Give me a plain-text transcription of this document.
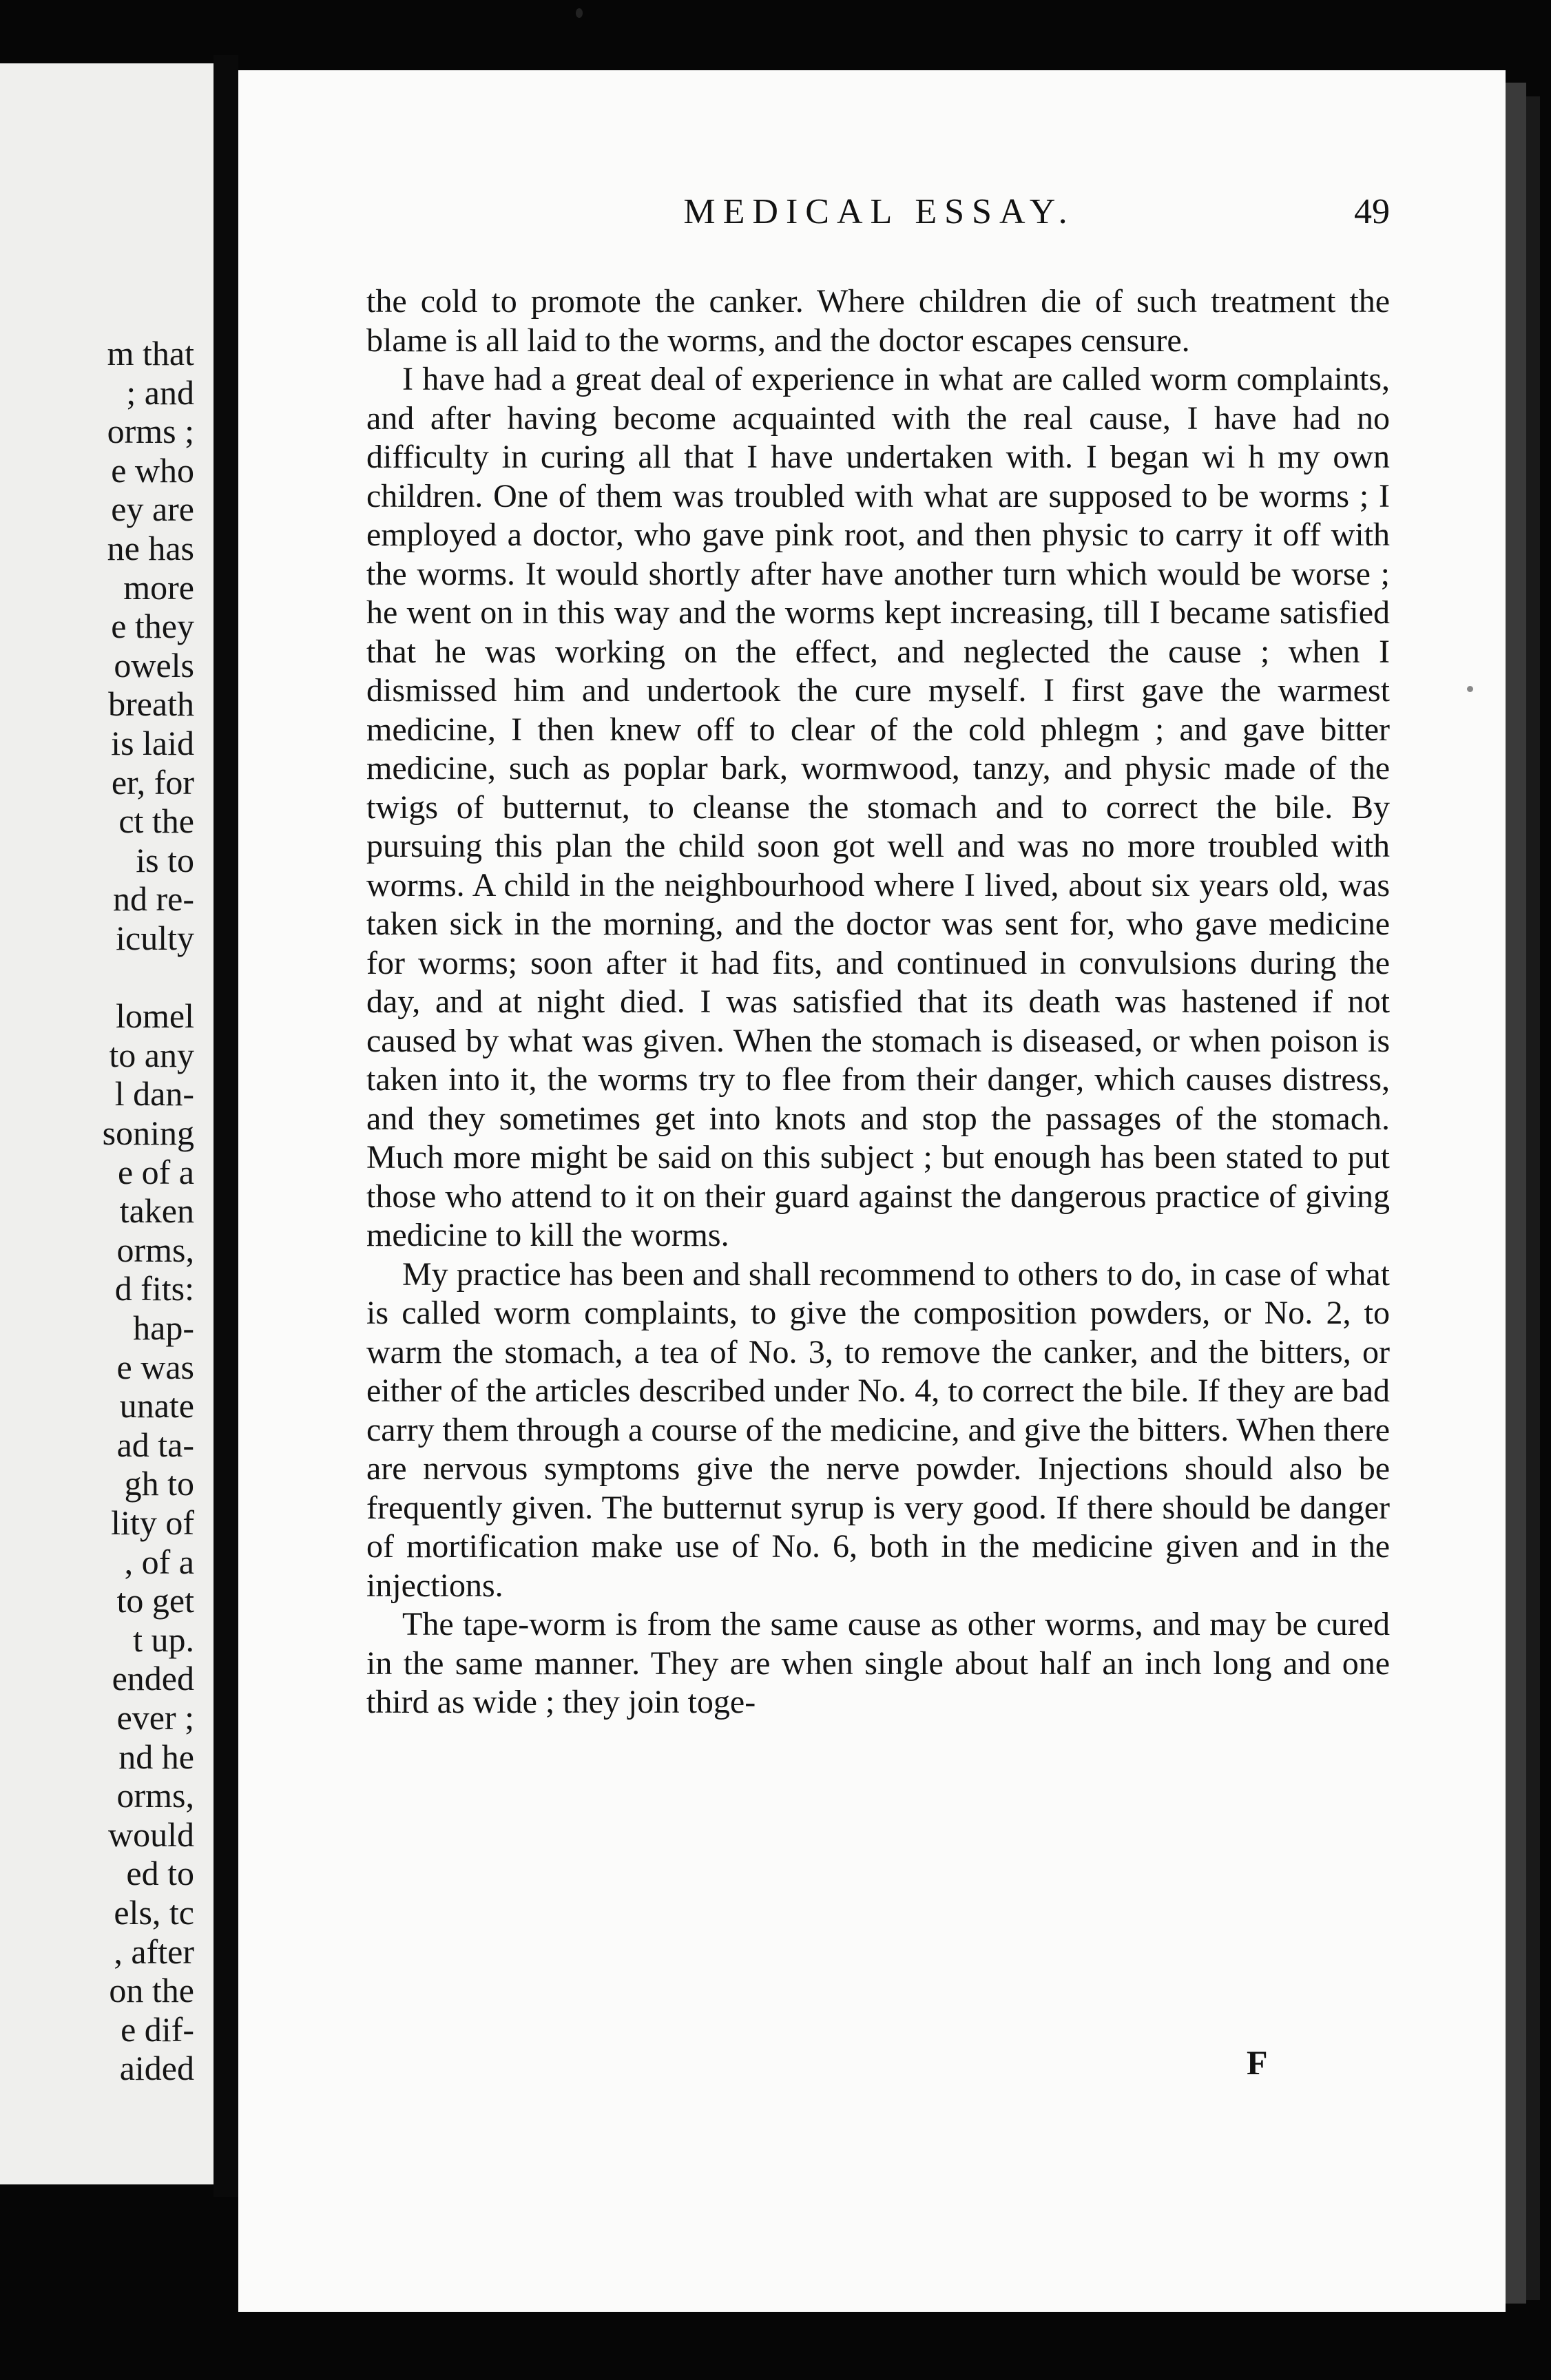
m that

; and

orms ;

e who

ey are

ne has

more

e they

owels

breath

is laid

er, for

ct the

is to

nd re-

iculty

lomel

to any

l dan-

soning

e of a

taken

orms,

d fits:

hap-

e was

unate

ad ta-

gh to

lity of

, of a

to get

t up.

ended

ever ;

nd he

orms,

would

ed to

els, tc

, after

on the

e dif-

aided

MEDICAL ESSAY.	49

the cold to promote the canker. Where children die of such treatment the blame is all laid to the worms, and the doctor escapes censure.

I have had a great deal of experience in what are called worm complaints, and after having become acquainted with the real cause, I have had no difficulty in curing all that I have undertaken with. I began wi h my own children. One of them was troubled with what are supposed to be worms ; I employed a doctor, who gave pink root, and then physic to carry it off with the worms. It would shortly after have another turn which would be worse ; he went on in this way and the worms kept increasing, till I became satisfied that he was working on the effect, and neglected the cause ; when I dismissed him and undertook the cure myself. I first gave the warmest medicine, I then knew off to clear of the cold phlegm ; and gave bitter medicine, such as poplar bark, wormwood, tanzy, and physic made of the twigs of butternut, to cleanse the stomach and to correct the bile. By pursuing this plan the child soon got well and was no more troubled with worms. A child in the neighbourhood where I lived, about six years old, was taken sick in the morning, and the doctor was sent for, who gave medicine for worms; soon after it had fits, and continued in convulsions during the day, and at night died. I was satisfied that its death was hastened if not caused by what was given. When the stomach is diseased, or when poison is taken into it, the worms try to flee from their danger, which causes distress, and they sometimes get into knots and stop the passages of the stomach. Much more might be said on this subject ; but enough has been stated to put those who attend to it on their guard against the dangerous practice of giving medicine to kill the worms.

My practice has been and shall recommend to others to do, in case of what is called worm complaints, to give the composition powders, or No. 2, to warm the stomach, a tea of No. 3, to remove the canker, and the bitters, or either of the articles described under No. 4, to correct the bile. If they are bad carry them through a course of the medicine, and give the bitters. When there are nervous symptoms give the nerve powder. Injections should also be frequently given. The butternut syrup is very good. If there should be danger of mortification make use of No. 6, both in the medicine given and in the injections.

The tape-worm is from the same cause as other worms, and may be cured in the same manner. They are when single about half an inch long and one third as wide ; they join toge-

F
